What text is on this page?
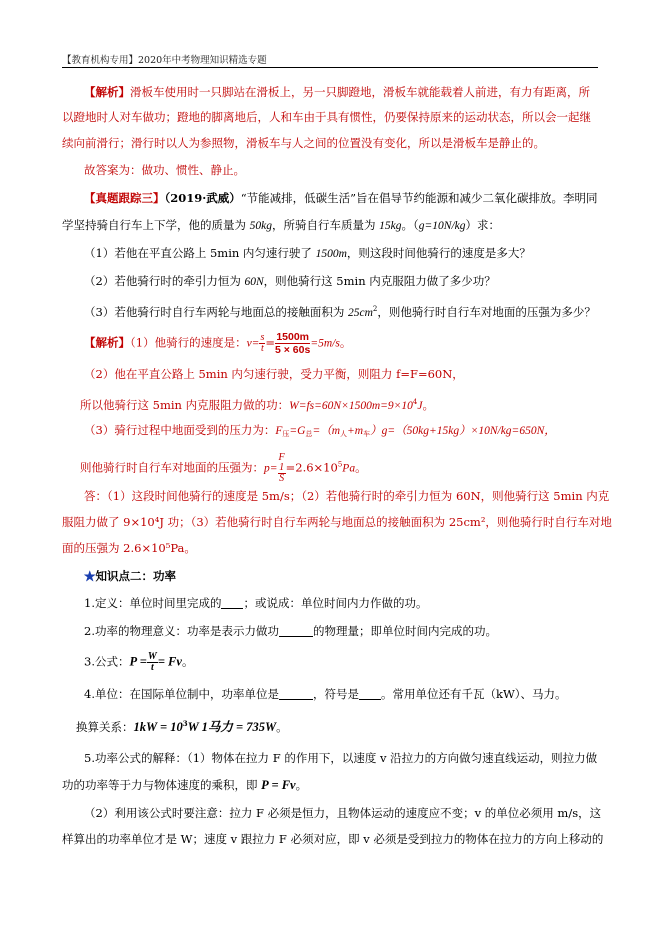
【教育机构专用】2020年中考物理知识精选专题
【解析】滑板车使用时一只脚站在滑板上，另一只脚蹬地，滑板车就能载着人前进，有力有距离，所
以蹬地时人对车做功；蹬地的脚离地后，人和车由于具有惯性，仍要保持原来的运动状态，所以会一起继
续向前滑行；滑行时以人为参照物，滑板车与人之间的位置没有变化，所以是滑板车是静止的。
故答案为：做功、惯性、静止。
【真题跟踪三】（2019·武威）“节能减排，低碳生活”旨在倡导节约能源和减少二氧化碳排放。李明同
学坚持骑自行车上下学，他的质量为 50kg，所骑自行车质量为 15kg。（g=10N/kg）求：
（1）若他在平直公路上 5min 内匀速行驶了 1500m，则这段时间他骑行的速度是多大？
（2）若他骑行时的牵引力恒为 60N，则他骑行这 5min 内克服阻力做了多少功？
（3）若他骑行时自行车两轮与地面总的接触面积为 $25cm^2$，则他骑行时自行车对地面的压强为多少？
【解析】（1）他骑行的速度是：$v= \frac{s}{t} = \frac{1500m}{5 \times 60s} =5m/s$。
（2）他在平直公路上 5min 内匀速行驶，受力平衡，则阻力 f=F=60N，
所以他骑行这 5min 内克服阻力做的功：$W=fs=60N\times 1500m=9\times 10^4J$。
（3）骑行过程中地面受到的压力为：$F_压=G_总=(m_人+m_车)g=(50kg+15kg)\times 10N/kg=650N$，
则他骑行时自行车对地面的压强为：p= F
1
$S =2.6\times 10^5Pa$。
答：（1）这段时间他骑行的速度是 5m/s；（2）若他骑行时的牵引力恒为 60N，则他骑行这 5min 内克
服阻力做了 9×10⁴J 功；（3）若他骑行时自行车两轮与地面总的接触面积为 25cm²，则他骑行时自行车对地
面的压强为 2.6×10⁵Pa。
★知识点二：功率
1.定义：单位时间里完成的 ；或说成：单位时间内力作做的功。
2.功率的物理意义：功率是表示力做功	的物理量；即单位时间内完成的功。
3.公式：$P = \frac{W}{t} = Fv$。
4.单位：在国际单位制中，功率单位是	，符号是 。常用单位还有千瓦（kW）、马力。
换算关系：$1kW = 10^3W$ 1马力 = 735W。
5.功率公式的解释：（1）物体在拉力 F 的作用下，以速度 v 沿拉力的方向做匀速直线运动，则拉力做
功的功率等于力与物体速度的乘积，即 P = Fv。
（2）利用该公式时要注意：拉力 F 必须是恒力，且物体运动的速度应不变；v 的单位必须用 m/s，这
样算出的功率单位才是 W；速度 v 跟拉力 F 必须对应，即 v 必须是受到拉力的物体在拉力的方向上移动的
